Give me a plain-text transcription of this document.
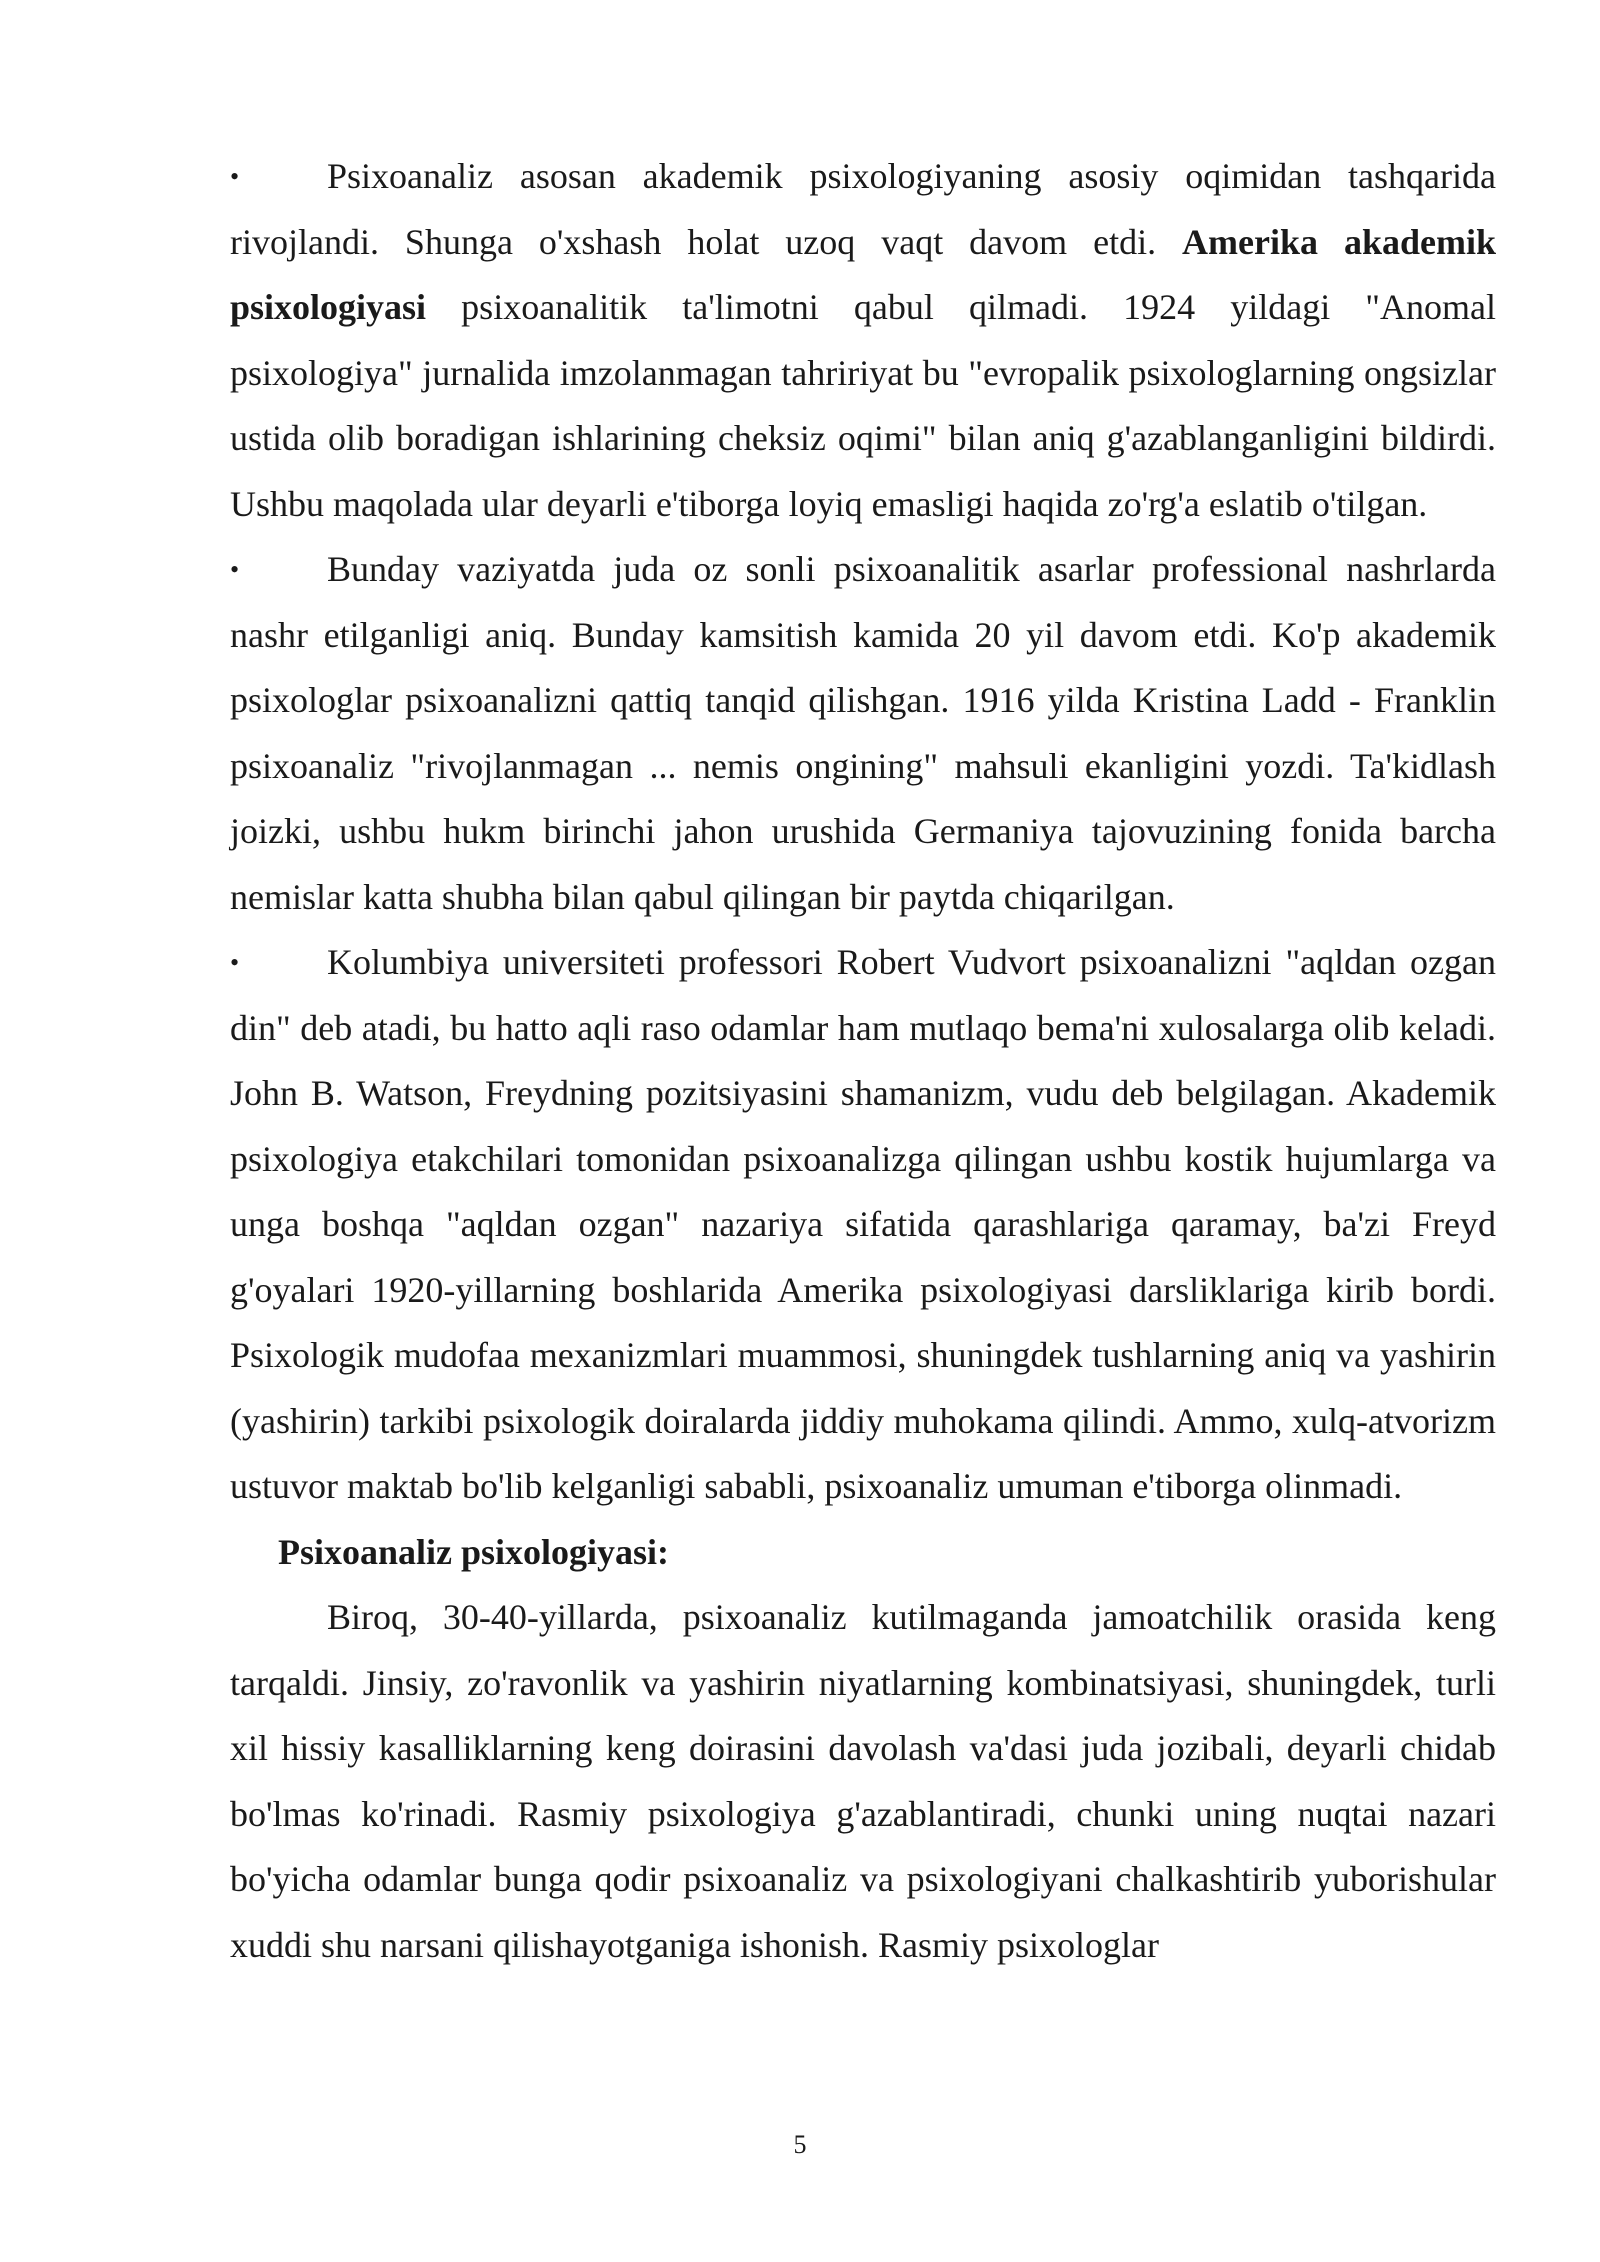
•	Psixoanaliz asosan akademik psixologiyaning asosiy oqimidan tashqarida rivojlandi. Shunga o'xshash holat uzoq vaqt davom etdi. Amerika akademik psixologiyasi psixoanalitik ta'limotni qabul qilmadi. 1924 yildagi "Anomal psixologiya" jurnalida imzolanmagan tahririyat bu "evropalik psixologlarning ongsizlar ustida olib boradigan ishlarining cheksiz oqimi" bilan aniq g'azablanganligini bildirdi. Ushbu maqolada ular deyarli e'tiborga loyiq emasligi haqida zo'rg'a eslatib o'tilgan.

•	Bunday vaziyatda juda oz sonli psixoanalitik asarlar professional nashrlarda nashr etilganligi aniq. Bunday kamsitish kamida 20 yil davom etdi. Ko'p akademik psixologlar psixoanalizni qattiq tanqid qilishgan. 1916 yilda Kristina Ladd - Franklin psixoanaliz "rivojlanmagan ... nemis ongining" mahsuli ekanligini yozdi. Ta'kidlash joizki, ushbu hukm birinchi jahon urushida Germaniya tajovuzining fonida barcha nemislar katta shubha bilan qabul qilingan bir paytda chiqarilgan.

•	Kolumbiya universiteti professori Robert Vudvort psixoanalizni "aqldan ozgan din" deb atadi, bu hatto aqli raso odamlar ham mutlaqo bema'ni xulosalarga olib keladi. John B. Watson, Freydning pozitsiyasini shamanizm, vudu deb belgilagan. Akademik psixologiya etakchilari tomonidan psixoanalizga qilingan ushbu kostik hujumlarga va unga boshqa "aqldan ozgan" nazariya sifatida qarashlariga qaramay, ba'zi Freyd g'oyalari 1920-yillarning boshlarida Amerika psixologiyasi darsliklariga kirib bordi. Psixologik mudofaa mexanizmlari muammosi, shuningdek tushlarning aniq va yashirin (yashirin) tarkibi psixologik doiralarda jiddiy muhokama qilindi. Ammo, xulq-atvorizm ustuvor maktab bo'lib kelganligi sababli, psixoanaliz umuman e'tiborga olinmadi.

Psixoanaliz psixologiyasi:

Biroq, 30-40-yillarda, psixoanaliz kutilmaganda jamoatchilik orasida keng tarqaldi. Jinsiy, zo'ravonlik va yashirin niyatlarning kombinatsiyasi, shuningdek, turli xil hissiy kasalliklarning keng doirasini davolash va'dasi juda jozibali, deyarli chidab bo'lmas ko'rinadi. Rasmiy psixologiya g'azablantiradi, chunki uning nuqtai nazari bo'yicha odamlar bunga qodir psixoanaliz va psixologiyani chalkashtirib yuborishular xuddi shu narsani qilishayotganiga ishonish. Rasmiy psixologlar

5
